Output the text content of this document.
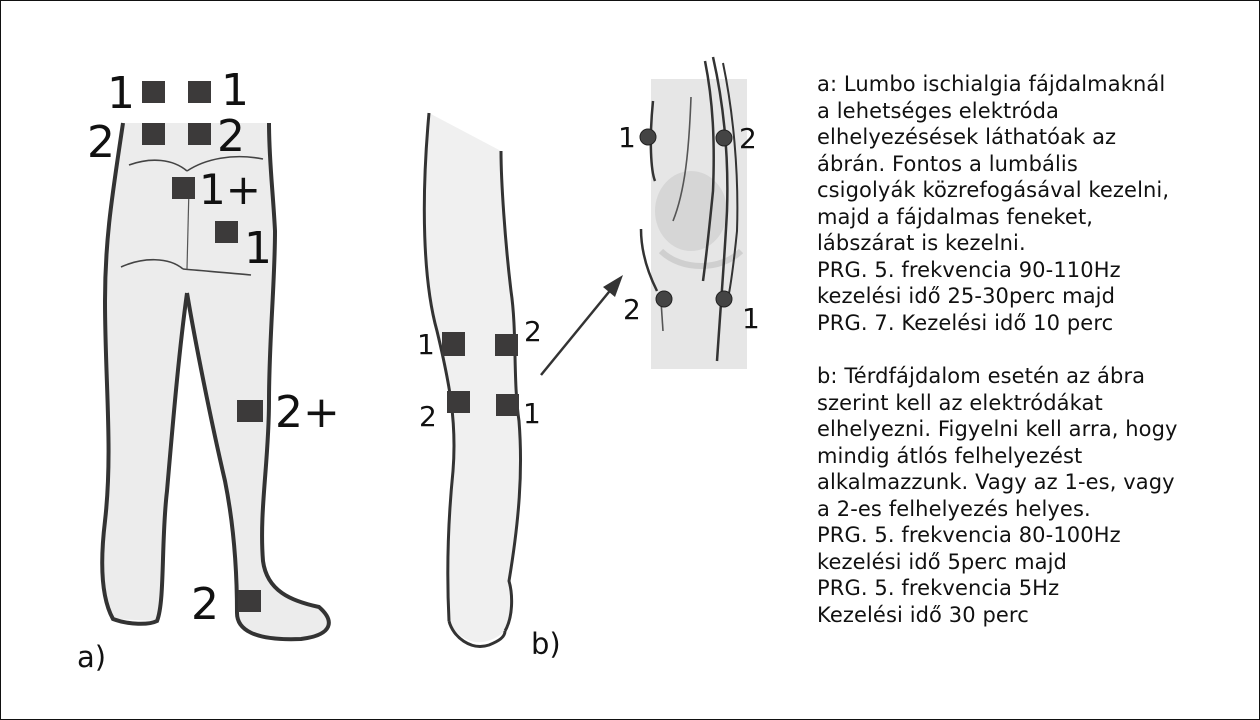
1 1
2 2
1+
1
2+
2
a)
1	2
2	1
b)
1	2
2	1
a: Lumbo ischialgia fájdalmaknál
a lehetséges elektróda
elhelyezésések láthatóak az
ábrán. Fontos a lumbális
csigolyák közrefogásával kezelni,
majd a fájdalmas feneket,
lábszárat is kezelni.
PRG. 5. frekvencia 90-110Hz
kezelési idő 25-30perc majd
PRG. 7. Kezelési idő 10 perc
b: Térdfájdalom esetén az ábra
szerint kell az elektródákat
elhelyezni. Figyelni kell arra, hogy
mindig átlós felhelyezést
alkalmazzunk. Vagy az 1-es, vagy
a 2-es felhelyezés helyes.
PRG. 5. frekvencia 80-100Hz
kezelési idő 5perc majd
PRG. 5. frekvencia 5Hz
Kezelési idő 30 perc
